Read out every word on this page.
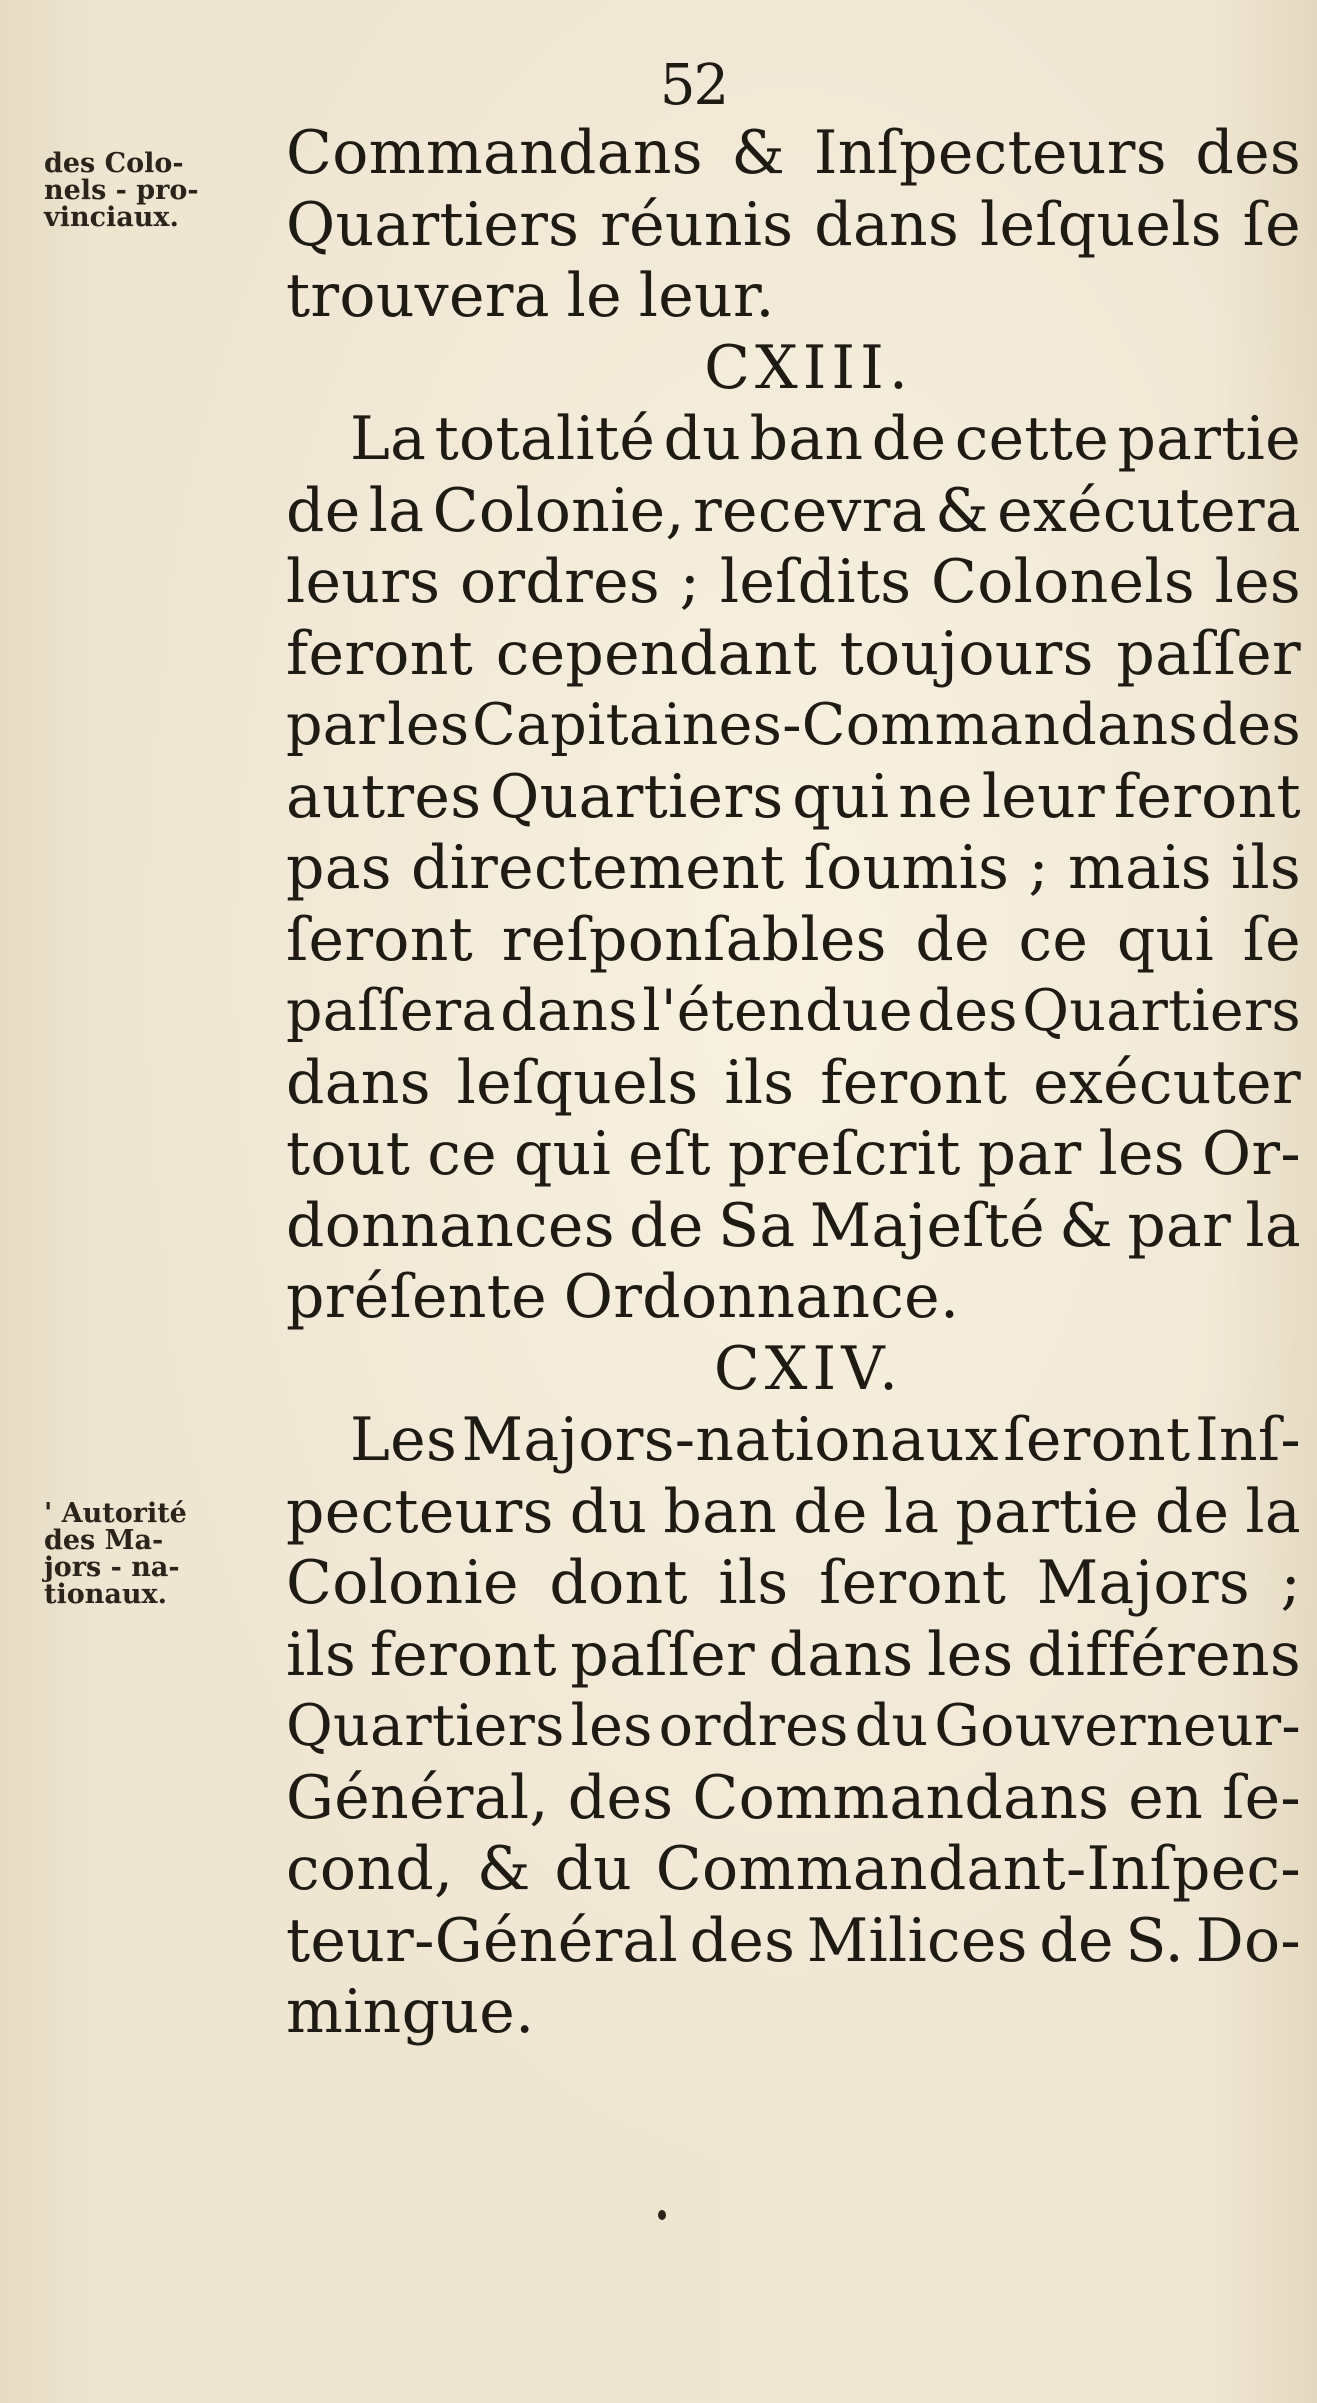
52
des Colo-
nels - pro-
vinciaux.
' Autorité
des Ma-
jors - na-
tionaux.
Commandans & Inſpecteurs des
Quartiers réunis dans leſquels ſe
trouvera le leur.
CXIII.
La totalité du ban de cette partie
de la Colonie, recevra & exécutera
leurs ordres ; leſdits Colonels les
feront cependant toujours paſſer
par les Capitaines-Commandans des
autres Quartiers qui ne leur feront
pas directement ſoumis ; mais ils
ſeront reſponſables de ce qui ſe
paſſera dans l'étendue des Quartiers
dans leſquels ils feront exécuter
tout ce qui eſt preſcrit par les Or-
donnances de Sa Majeſté & par la
préſente Ordonnance.
CXIV.
Les Majors-nationaux ſeront Inſ-
pecteurs du ban de la partie de la
Colonie dont ils ſeront Majors ;
ils feront paſſer dans les différens
Quartiers les ordres du Gouverneur-
Général, des Commandans en ſe-
cond, & du Commandant-Inſpec-
teur-Général des Milices de S. Do-
mingue.
